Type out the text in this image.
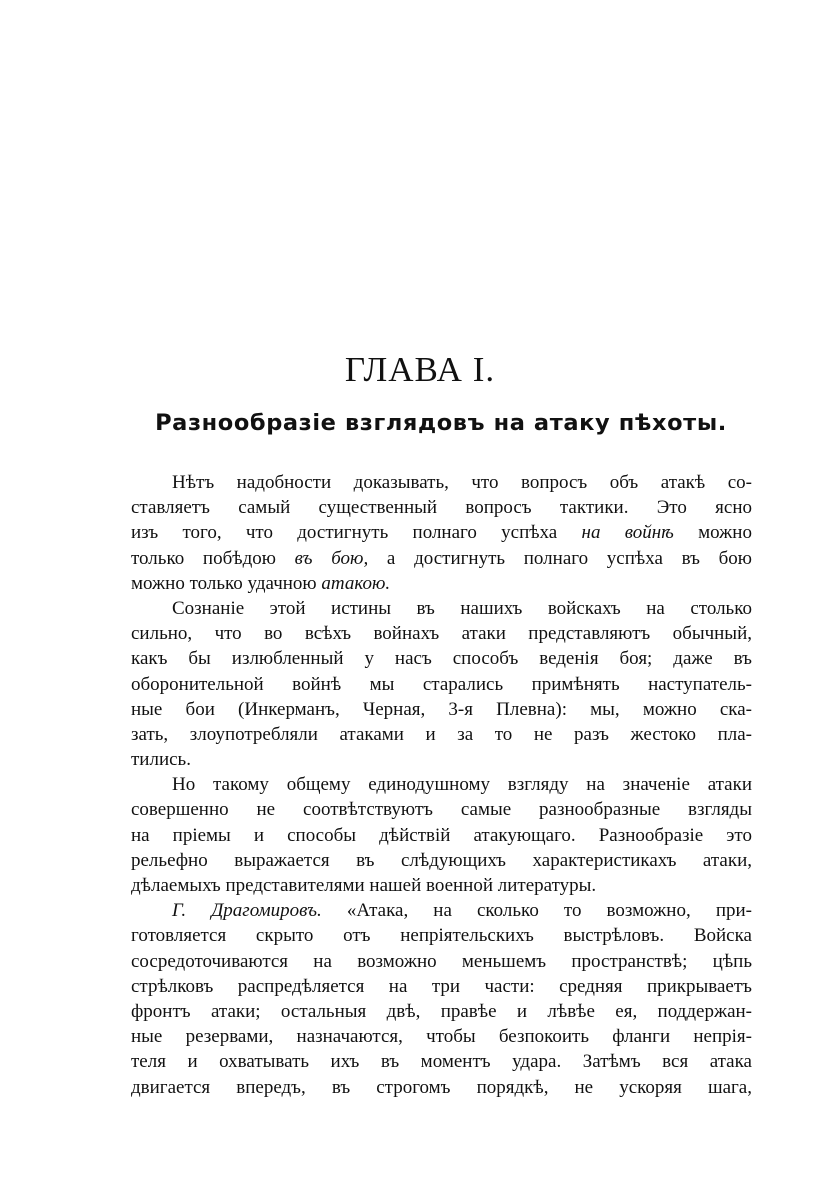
ГЛАВА I.
Разнообразіе взглядовъ на атаку пѣхоты.
Нѣтъ надобности доказывать, что вопросъ объ атакѣ со-
ставляетъ самый существенный вопросъ тактики. Это ясно
изъ того, что достигнуть полнаго успѣха на войнѣ можно
только побѣдою въ бою, а достигнуть полнаго успѣха въ бою
можно только удачною атакою.
Сознаніе этой истины въ нашихъ войскахъ на столько
сильно, что во всѣхъ войнахъ атаки представляютъ обычный,
какъ бы излюбленный у насъ способъ веденія боя; даже въ
оборонительной войнѣ мы старались примѣнять наступатель-
ные бои (Инкерманъ, Черная, 3-я Плевна): мы, можно ска-
зать, злоупотребляли атаками и за то не разъ жестоко пла-
тились.
Но такому общему единодушному взгляду на значеніе атаки
совершенно не соотвѣтствуютъ самые разнообразные взгляды
на пріемы и способы дѣйствій атакующаго. Разнообразіе это
рельефно выражается въ слѣдующихъ характеристикахъ атаки,
дѣлаемыхъ представителями нашей военной литературы.
Г. Драгомировъ. «Атака, на сколько то возможно, при-
готовляется скрыто отъ непріятельскихъ выстрѣловъ. Войска
сосредоточиваются на возможно меньшемъ пространствѣ; цѣпь
стрѣлковъ распредѣляется на три части: средняя прикрываетъ
фронтъ атаки; остальныя двѣ, правѣе и лѣвѣе ея, поддержан-
ные резервами, назначаются, чтобы безпокоить фланги непрія-
теля и охватывать ихъ въ моментъ удара. Затѣмъ вся атака
двигается впередъ, въ строгомъ порядкѣ, не ускоряя шага,
